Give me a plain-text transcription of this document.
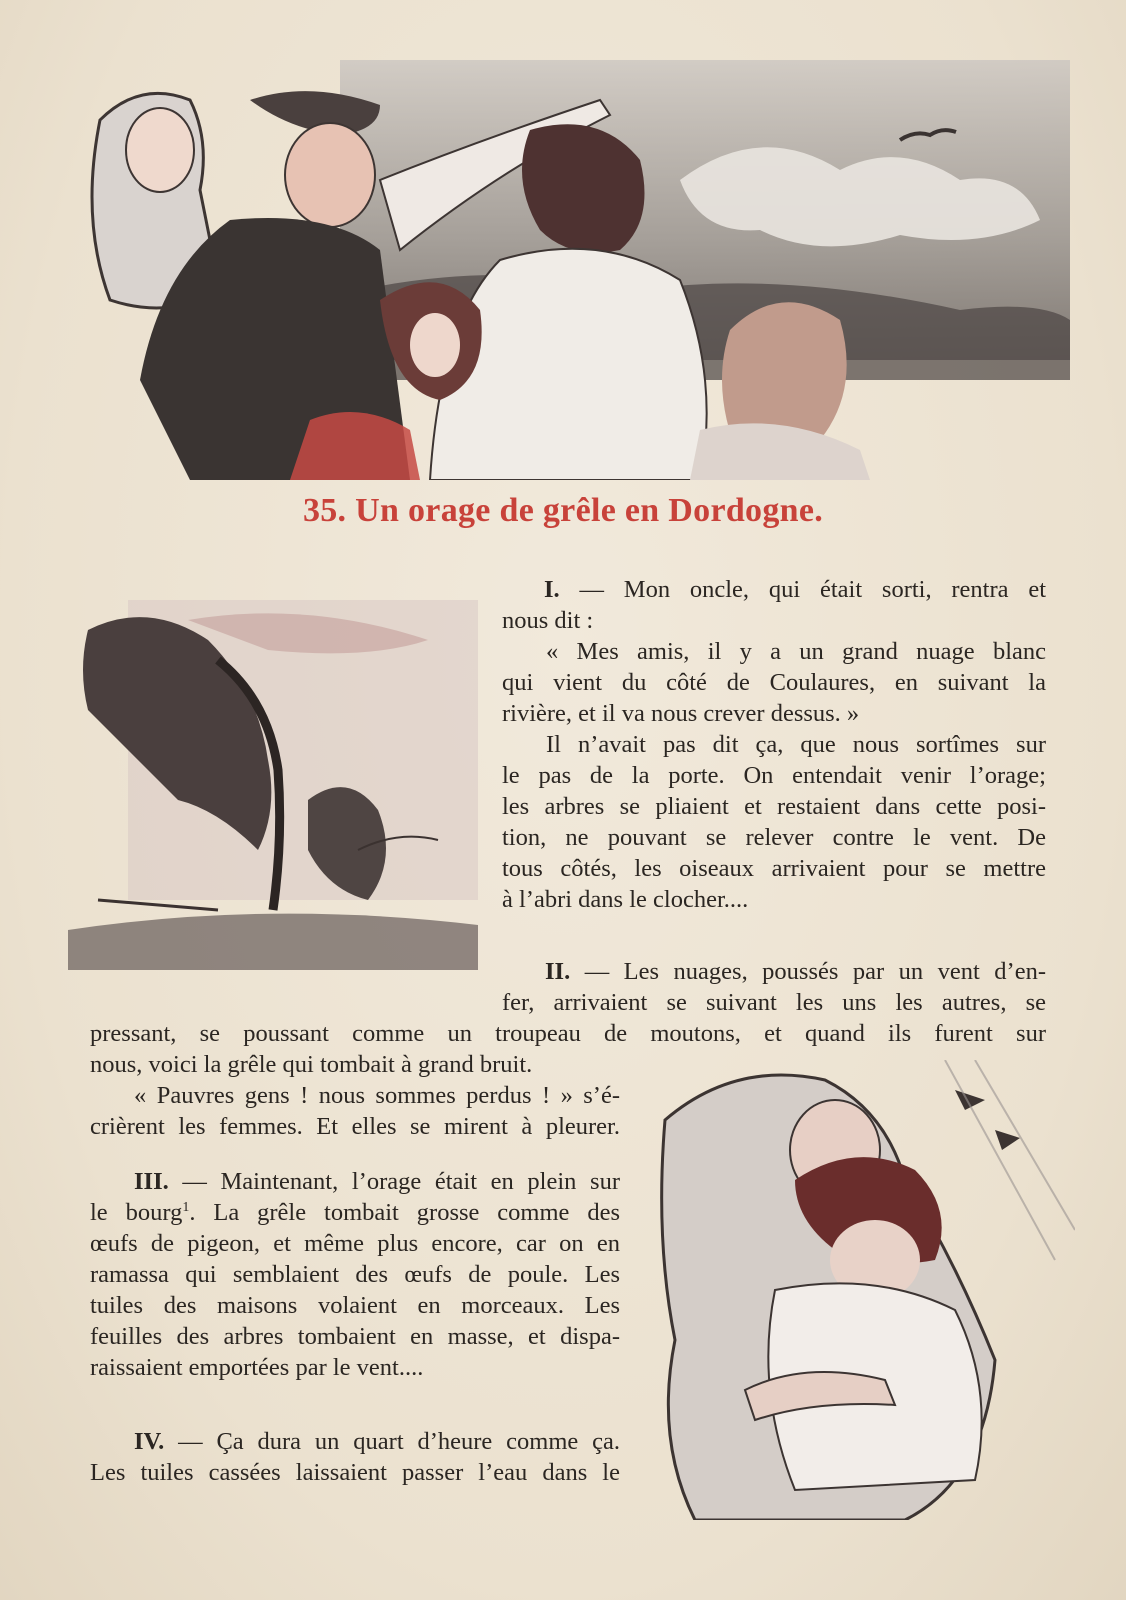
35. Un orage de grêle en Dordogne.
I. — Mon oncle, qui était sorti, rentra et
nous dit :
« Mes amis, il y a un grand nuage blanc
qui vient du côté de Coulaures, en suivant la
rivière, et il va nous crever dessus. »
Il n’avait pas dit ça, que nous sortîmes sur
le pas de la porte. On entendait venir l’orage;
les arbres se pliaient et restaient dans cette posi-
tion, ne pouvant se relever contre le vent. De
tous côtés, les oiseaux arrivaient pour se mettre
à l’abri dans le clocher....
II. — Les nuages, poussés par un vent d’en-
fer, arrivaient se suivant les uns les autres, se
pressant, se poussant comme un troupeau de moutons, et quand ils furent sur
nous, voici la grêle qui tombait à grand bruit.
« Pauvres gens ! nous sommes perdus ! » s’é-
crièrent les femmes. Et elles se mirent à pleurer.
III. — Maintenant, l’orage était en plein sur
le bourg$^1$. La grêle tombait grosse comme des
œufs de pigeon, et même plus encore, car on en
ramassa qui semblaient des œufs de poule. Les
tuiles des maisons volaient en morceaux. Les
feuilles des arbres tombaient en masse, et dispa-
raissaient emportées par le vent....
IV. — Ça dura un quart d’heure comme ça.
Les tuiles cassées laissaient passer l’eau dans le
